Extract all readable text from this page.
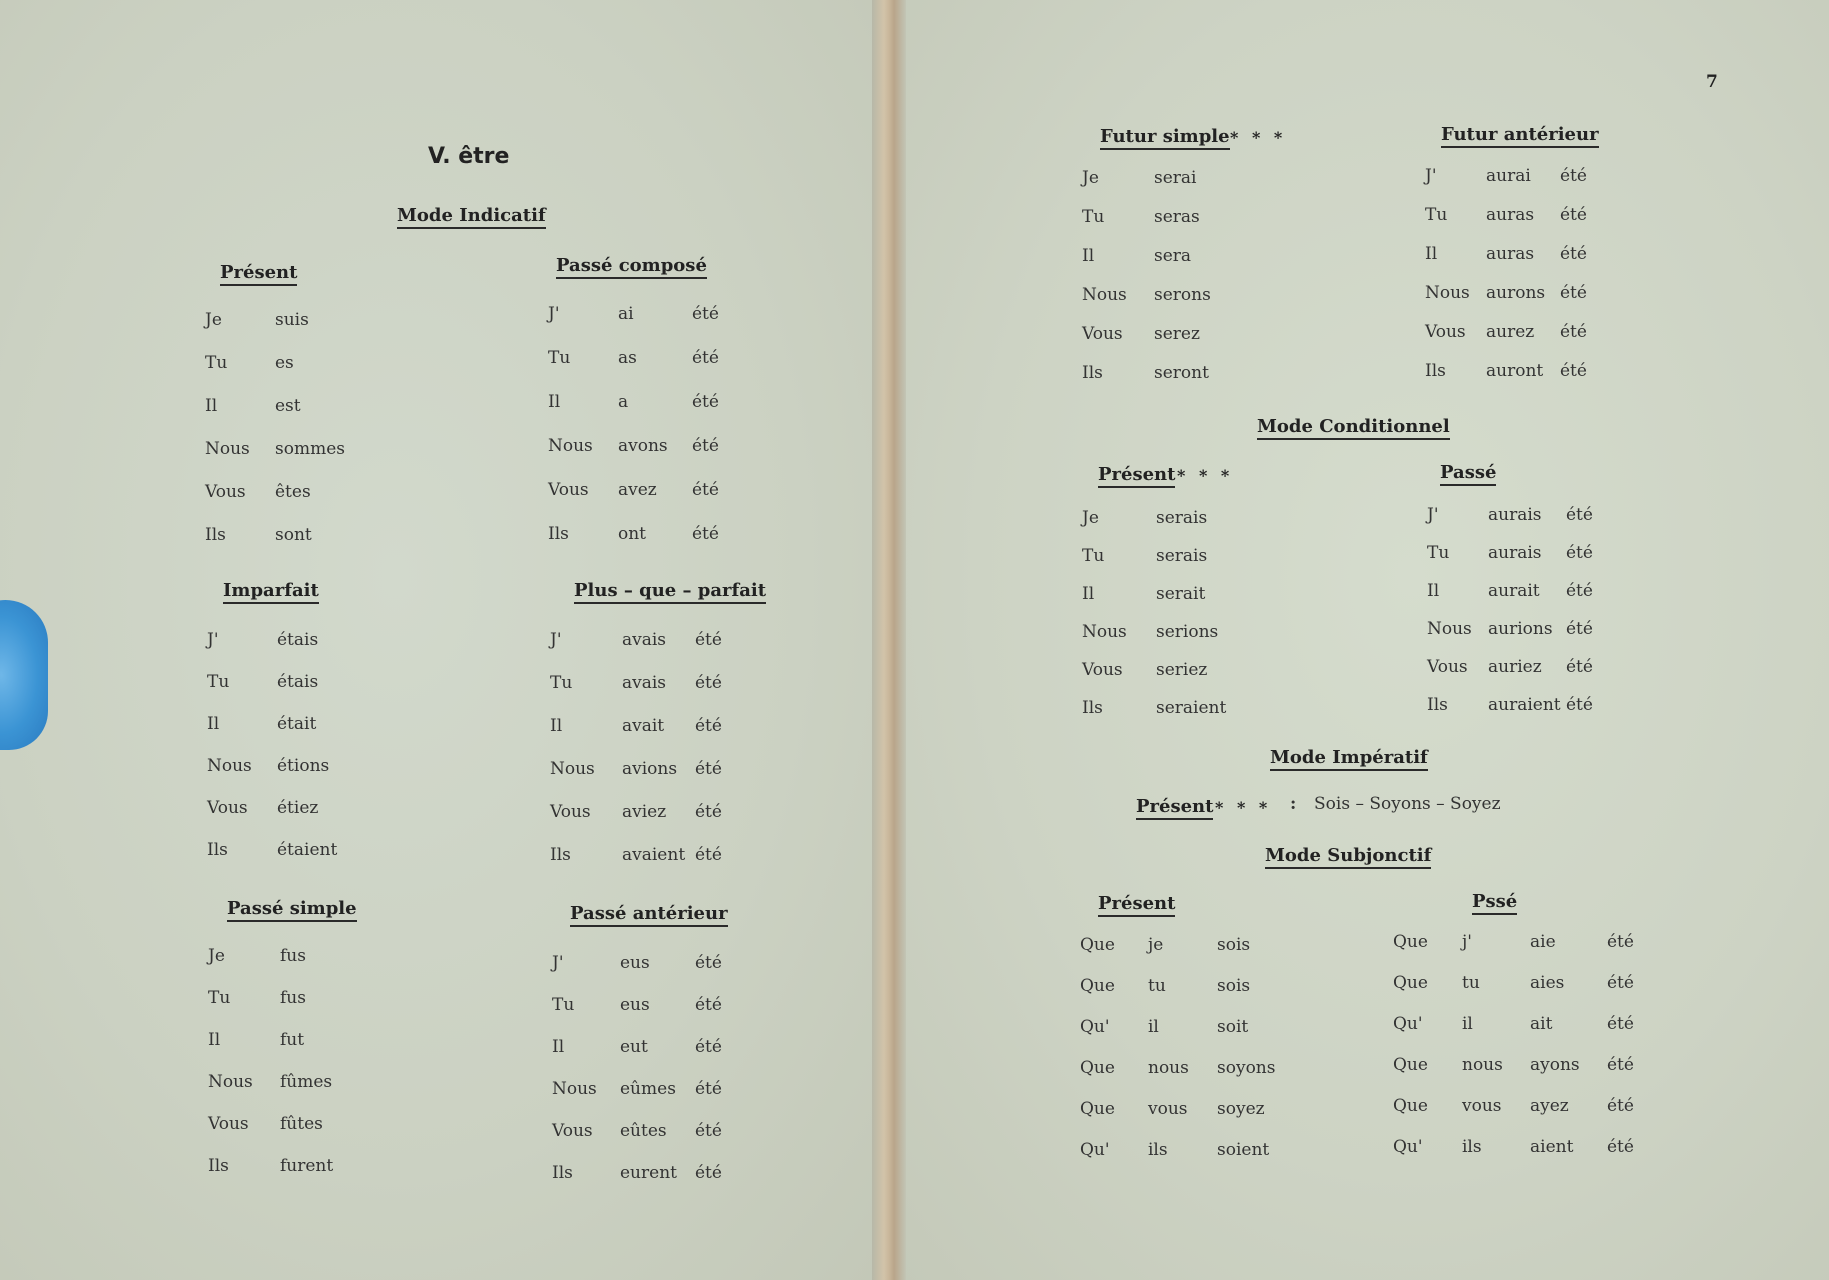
V. être
Mode Indicatif
Présent
Je	suis
Tu	es
Il	est
Nous sommes
Vous êtes
Ils	sont
Passé composé
J'	ai	été
Tu	as	été
Il	a	été
Nous avons été
Vous avez été
Ils	ont	été
Imparfait
J'	étais
Tu	étais
Il	était
Nous étions
Vous étiez
Ils	étaient
Plus – que – parfait
J'	avais été
Tu	avais été
Il	avait été
Nous avions été
Vous aviez été
Ils	avaient été
Passé simple
Je	fus
Tu	fus
Il	fut
Nous fûmes
Vous fûtes
Ils	furent
Passé antérieur
J'	eus	été
Tu	eus	été
Il	eut	été
Nous eûmes été
Vous eûtes été
Ils	eurent été
7
Futur simple * * *
Je	serai
Tu	seras
Il	sera
Nous serons
Vous serez
Ils	seront
Futur antérieur
J'	aurai été
Tu auras été
Il	auras été
Nous aurons été
Vous aurez été
Ils auront été
Mode Conditionnel
Présent * * *
Je	serais
Tu	serais
Il	serait
Nous serions
Vous seriez
Ils	seraient
Passé
J'	aurais été
Tu aurais été
Il	aurait été
Nous aurions été
Vous auriez été
Ils auraient été
Mode Impératif
Présent * * * : Sois – Soyons – Soyez
Mode Subjonctif
Présent
Que je	sois
Que tu	sois
Qu' il	soit
Que nous soyons
Que vous soyez
Qu' ils	soient
Pssé
Que j'	aie	été
Que tu	aies	été
Qu' il	ait	été
Que nous ayons été
Que vous ayez été
Qu' ils	aient été
